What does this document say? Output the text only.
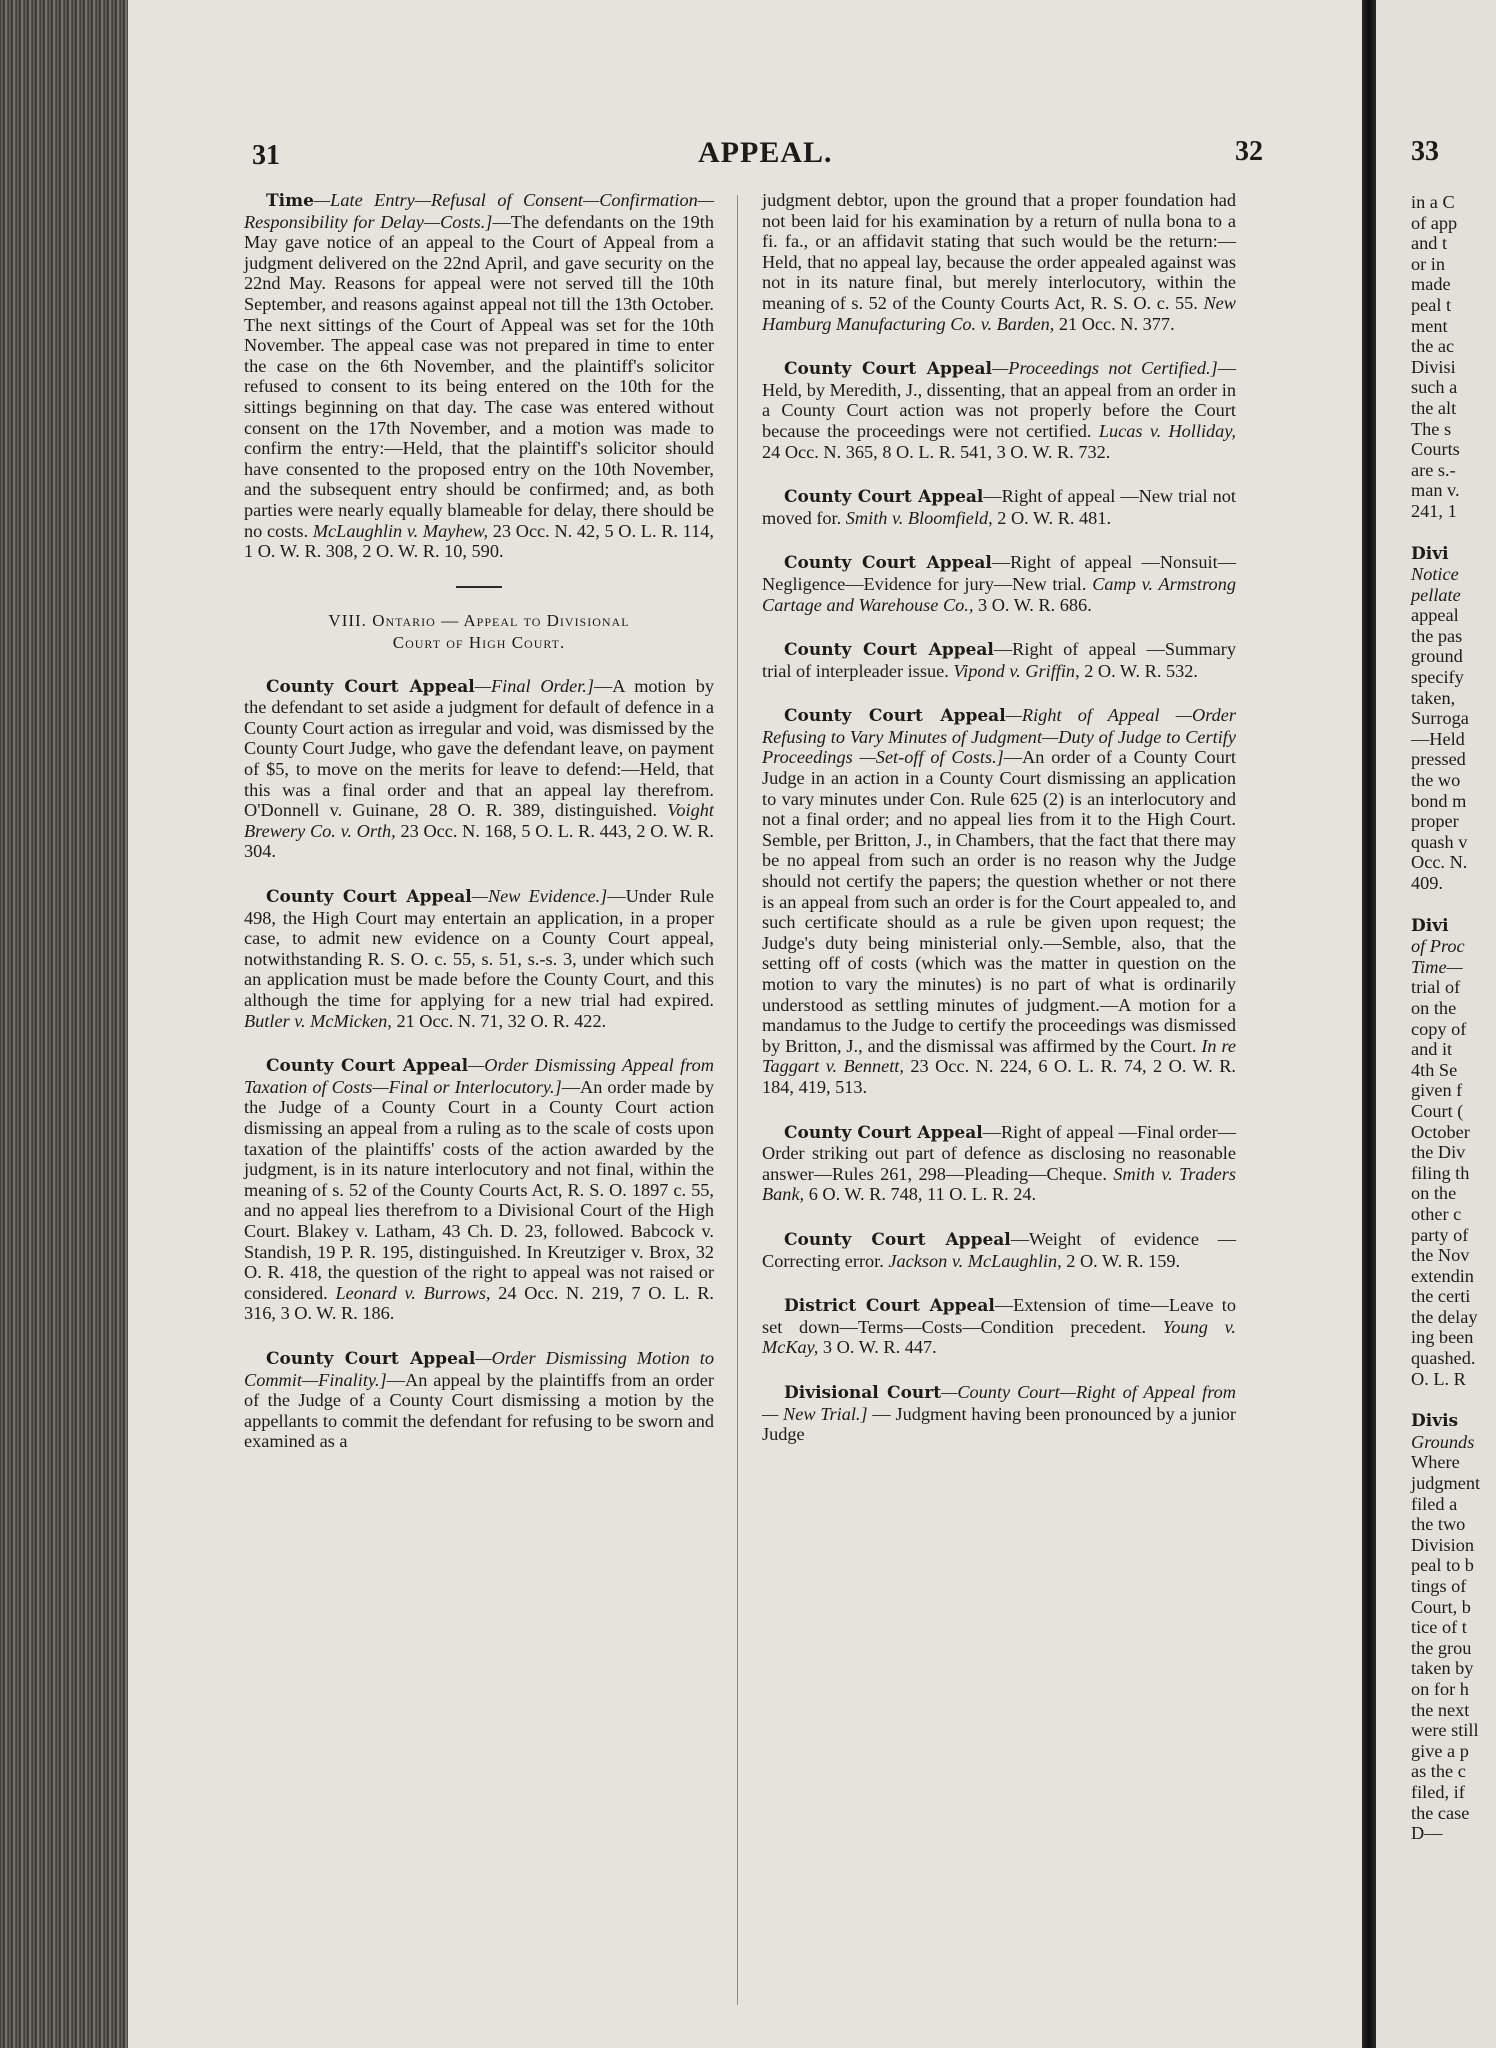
31	APPEAL.	32

Time—Late Entry—Refusal of Consent—Confirmation—Responsibility for Delay—Costs.]—The defendants on the 19th May gave notice of an appeal to the Court of Appeal from a judgment delivered on the 22nd April, and gave security on the 22nd May. Reasons for appeal were not served till the 10th September, and reasons against appeal not till the 13th October. The next sittings of the Court of Appeal was set for the 10th November. The appeal case was not prepared in time to enter the case on the 6th November, and the plaintiff's solicitor refused to consent to its being entered on the 10th for the sittings beginning on that day. The case was entered without consent on the 17th November, and a motion was made to confirm the entry:—Held, that the plaintiff's solicitor should have consented to the proposed entry on the 10th November, and the subsequent entry should be confirmed; and, as both parties were nearly equally blameable for delay, there should be no costs. McLaughlin v. Mayhew, 23 Occ. N. 42, 5 O. L. R. 114, 1 O. W. R. 308, 2 O. W. R. 10, 590.

VIII. Ontario — Appeal to Divisional
Court of High Court.

County Court Appeal—Final Order.]—A motion by the defendant to set aside a judgment for default of defence in a County Court action as irregular and void, was dismissed by the County Court Judge, who gave the defendant leave, on payment of $5, to move on the merits for leave to defend:—Held, that this was a final order and that an appeal lay therefrom. O'Donnell v. Guinane, 28 O. R. 389, distinguished. Voight Brewery Co. v. Orth, 23 Occ. N. 168, 5 O. L. R. 443, 2 O. W. R. 304.

County Court Appeal—New Evidence.]—Under Rule 498, the High Court may entertain an application, in a proper case, to admit new evidence on a County Court appeal, notwithstanding R. S. O. c. 55, s. 51, s.-s. 3, under which such an application must be made before the County Court, and this although the time for applying for a new trial had expired. Butler v. McMicken, 21 Occ. N. 71, 32 O. R. 422.

County Court Appeal—Order Dismissing Appeal from Taxation of Costs—Final or Interlocutory.]—An order made by the Judge of a County Court in a County Court action dismissing an appeal from a ruling as to the scale of costs upon taxation of the plaintiffs' costs of the action awarded by the judgment, is in its nature interlocutory and not final, within the meaning of s. 52 of the County Courts Act, R. S. O. 1897 c. 55, and no appeal lies therefrom to a Divisional Court of the High Court. Blakey v. Latham, 43 Ch. D. 23, followed. Babcock v. Standish, 19 P. R. 195, distinguished. In Kreutziger v. Brox, 32 O. R. 418, the question of the right to appeal was not raised or considered. Leonard v. Burrows, 24 Occ. N. 219, 7 O. L. R. 316, 3 O. W. R. 186.

County Court Appeal—Order Dismissing Motion to Commit—Finality.]—An appeal by the plaintiffs from an order of the Judge of a County Court dismissing a motion by the appellants to commit the defendant for refusing to be sworn and examined as a

judgment debtor, upon the ground that a proper foundation had not been laid for his examination by a return of nulla bona to a fi. fa., or an affidavit stating that such would be the return:—Held, that no appeal lay, because the order appealed against was not in its nature final, but merely interlocutory, within the meaning of s. 52 of the County Courts Act, R. S. O. c. 55. New Hamburg Manufacturing Co. v. Barden, 21 Occ. N. 377.

County Court Appeal—Proceedings not Certified.]—Held, by Meredith, J., dissenting, that an appeal from an order in a County Court action was not properly before the Court because the proceedings were not certified. Lucas v. Holliday, 24 Occ. N. 365, 8 O. L. R. 541, 3 O. W. R. 732.

County Court Appeal—Right of appeal —New trial not moved for. Smith v. Bloomfield, 2 O. W. R. 481.

County Court Appeal—Right of appeal —Nonsuit—Negligence—Evidence for jury—New trial. Camp v. Armstrong Cartage and Warehouse Co., 3 O. W. R. 686.

County Court Appeal—Right of appeal —Summary trial of interpleader issue. Vipond v. Griffin, 2 O. W. R. 532.

County Court Appeal—Right of Appeal —Order Refusing to Vary Minutes of Judgment—Duty of Judge to Certify Proceedings —Set-off of Costs.]—An order of a County Court Judge in an action in a County Court dismissing an application to vary minutes under Con. Rule 625 (2) is an interlocutory and not a final order; and no appeal lies from it to the High Court. Semble, per Britton, J., in Chambers, that the fact that there may be no appeal from such an order is no reason why the Judge should not certify the papers; the question whether or not there is an appeal from such an order is for the Court appealed to, and such certificate should as a rule be given upon request; the Judge's duty being ministerial only.—Semble, also, that the setting off of costs (which was the matter in question on the motion to vary the minutes) is no part of what is ordinarily understood as settling minutes of judgment.—A motion for a mandamus to the Judge to certify the proceedings was dismissed by Britton, J., and the dismissal was affirmed by the Court. In re Taggart v. Bennett, 23 Occ. N. 224, 6 O. L. R. 74, 2 O. W. R. 184, 419, 513.

County Court Appeal—Right of appeal —Final order—Order striking out part of defence as disclosing no reasonable answer—Rules 261, 298—Pleading—Cheque. Smith v. Traders Bank, 6 O. W. R. 748, 11 O. L. R. 24.

County Court Appeal—Weight of evidence — Correcting error. Jackson v. McLaughlin, 2 O. W. R. 159.

District Court Appeal—Extension of time—Leave to set down—Terms—Costs—Condition precedent. Young v. McKay, 3 O. W. R. 447.

Divisional Court—County Court—Right of Appeal from — New Trial.] — Judgment having been pronounced by a junior Judge

33
in a C
of app
and t
or in
made
peal t
ment
the ac
Divisi
such a
the alt
The s
Courts
are s.-
man v.
241, 1
Divi
Notice
pellate
appeal
the pas
ground
specify
taken,
Surroga
—Held
pressed
the wo
bond m
proper
quash v
Occ. N.
409.
Divi
of Proc
Time—
trial of
on the
copy of
and it
4th Se
given f
Court (
October
the Div
filing th
on the
other c
party of
the Nov
extendin
the certi
the delay
ing been
quashed.
O. L. R
Divis
Grounds
Where
judgment
filed a
the two
Division
peal to b
tings of
Court, b
tice of t
the grou
taken by
on for h
the next
were still
give a p
as the c
filed, if
the case
D—
